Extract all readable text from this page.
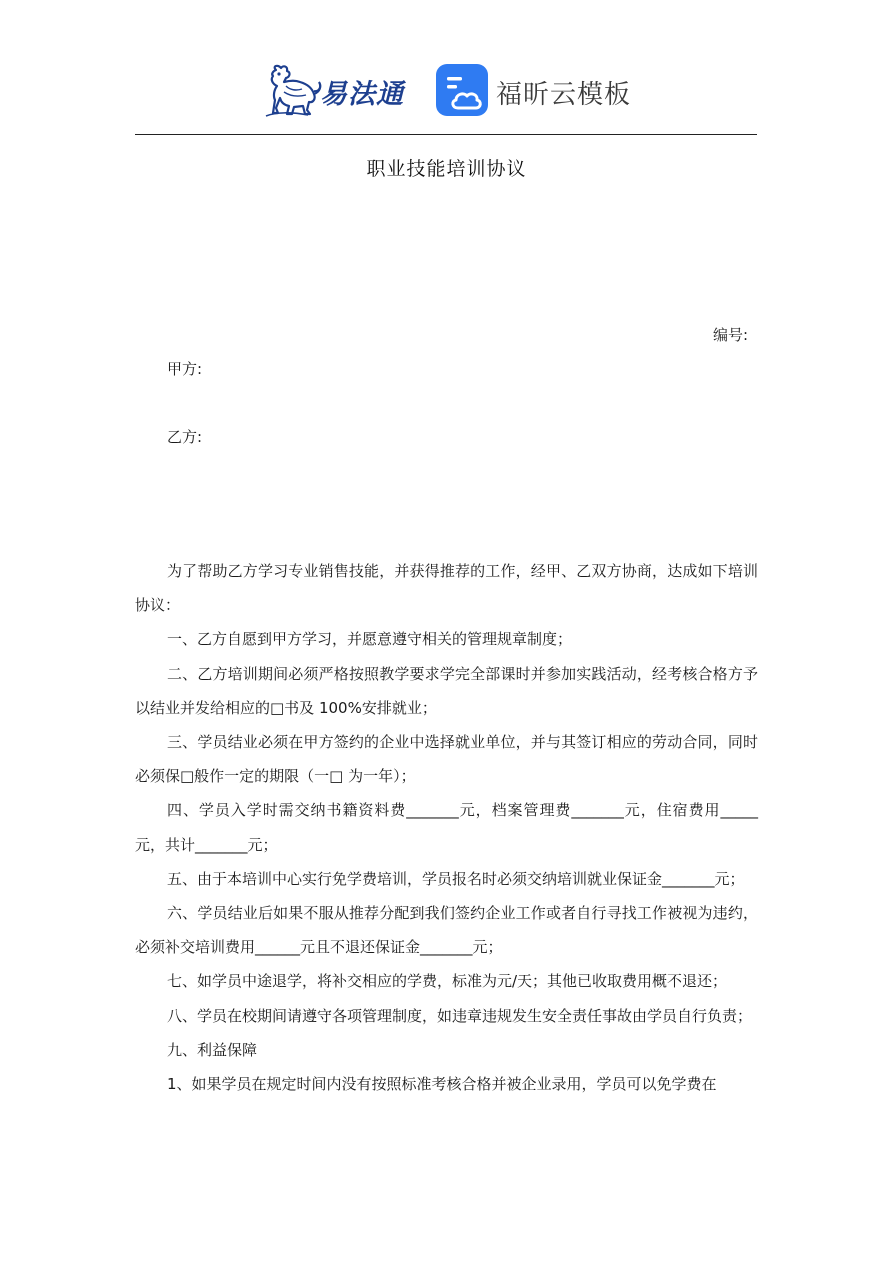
易法通	福昕云模板
职业技能培训协议
编号:
甲方:
乙方:

为了帮助乙方学习专业销售技能，并获得推荐的工作，经甲、乙双方协商，达成如下培训协议：

一、乙方自愿到甲方学习，并愿意遵守相关的管理规章制度；

二、乙方培训期间必须严格按照教学要求学完全部课时并参加实践活动，经考核合格方予以结业并发给相应的□书及 100%安排就业；

三、学员结业必须在甲方签约的企业中选择就业单位，并与其签订相应的劳动合同，同时必须保□般作一定的期限（一□ 为一年）；

四、学员入学时需交纳书籍资料费_______元，档案管理费_______元，住宿费用_____元，共计_______元；

五、由于本培训中心实行免学费培训，学员报名时必须交纳培训就业保证金_______元；

六、学员结业后如果不服从推荐分配到我们签约企业工作或者自行寻找工作被视为违约，必须补交培训费用______元且不退还保证金_______元；

七、如学员中途退学，将补交相应的学费，标准为元/天；其他已收取费用概不退还；

八、学员在校期间请遵守各项管理制度，如违章违规发生安全责任事故由学员自行负责；

九、利益保障

1、如果学员在规定时间内没有按照标准考核合格并被企业录用，学员可以免学费在
